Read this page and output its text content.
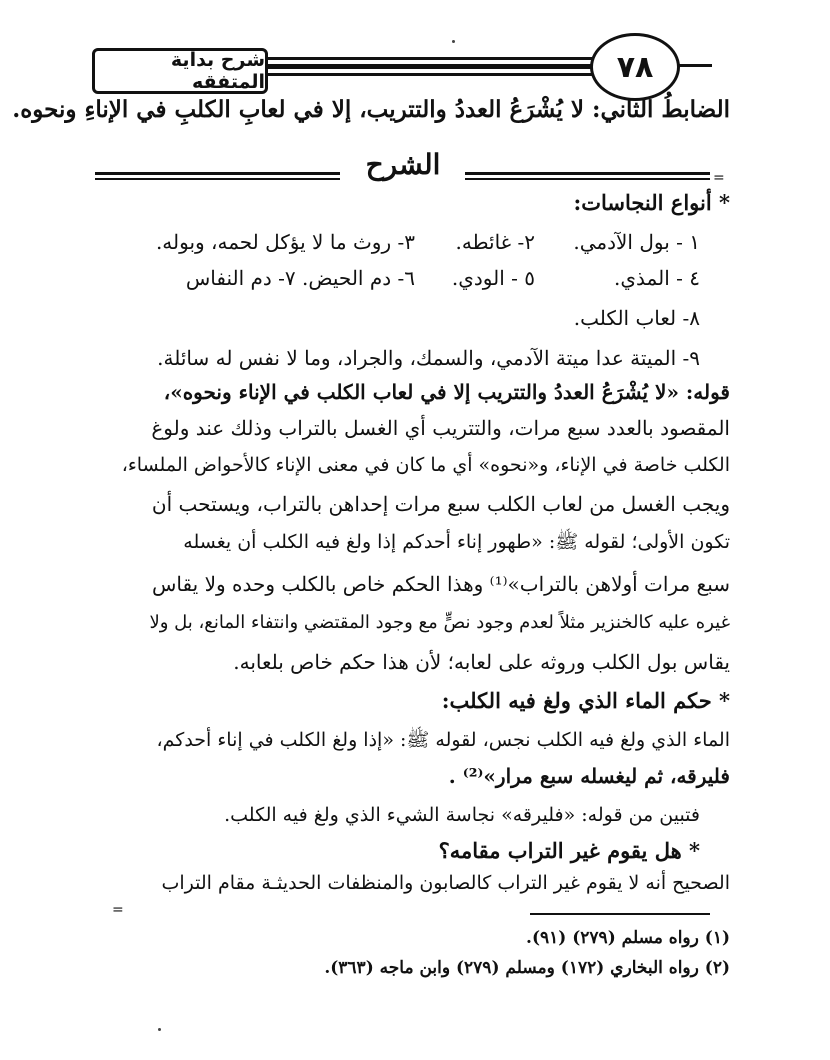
٧٨
شرح بداية المتفقه
الضابطُ الثاني: لا يُشْرَعُ العددُ والتتريب، إلا في لعابِ الكلبِ في الإناءِ ونحوه.
الشرح	=
* أنواع النجاسات:
١ - بول الآدمي.
٢- غائطه.
٣- روث ما لا يؤكل لحمه، وبوله.
٤ - المذي.
٥ - الودي.
٦- دم الحيض. ٧- دم النفاس
٨- لعاب الكلب.
٩- الميتة عدا ميتة الآدمي، والسمك، والجراد، وما لا نفس له سائلة.
قوله: «لا يُشْرَعُ العددُ والتتريب إلا في لعاب الكلب في الإناء ونحوه»،
المقصود بالعدد سبع مرات، والتتريب أي الغسل بالتراب وذلك عند ولوغ
الكلب خاصة في الإناء، و«نحوه» أي ما كان في معنى الإناء كالأحواض الملساء،
ويجب الغسل من لعاب الكلب سبع مرات إحداهن بالتراب، ويستحب أن
تكون الأولى؛ لقوله ﷺ: «طهور إناء أحدكم إذا ولغ فيه الكلب أن يغسله
سبع مرات أولاهن بالتراب»⁽¹⁾ وهذا الحكم خاص بالكلب وحده ولا يقاس
غيره عليه كالخنزير مثلاً لعدم وجود نصٍّ مع وجود المقتضي وانتفاء المانع، بل ولا
يقاس بول الكلب وروثه على لعابه؛ لأن هذا حكم خاص بلعابه.
* حكم الماء الذي ولغ فيه الكلب:
الماء الذي ولغ فيه الكلب نجس، لقوله ﷺ: «إذا ولغ الكلب في إناء أحدكم،
فليرقه، ثم ليغسله سبع مرار»⁽²⁾ .
فتبين من قوله: «فليرقه» نجاسة الشيء الذي ولغ فيه الكلب.
* هل يقوم غير التراب مقامه؟
الصحيح أنه لا يقوم غير التراب كالصابون والمنظفات الحديثـة مقام التراب
=
(١) رواه مسلم (٢٧٩) (٩١).
(٢) رواه البخاري (١٧٢) ومسلم (٢٧٩) وابن ماجه (٣٦٣).
